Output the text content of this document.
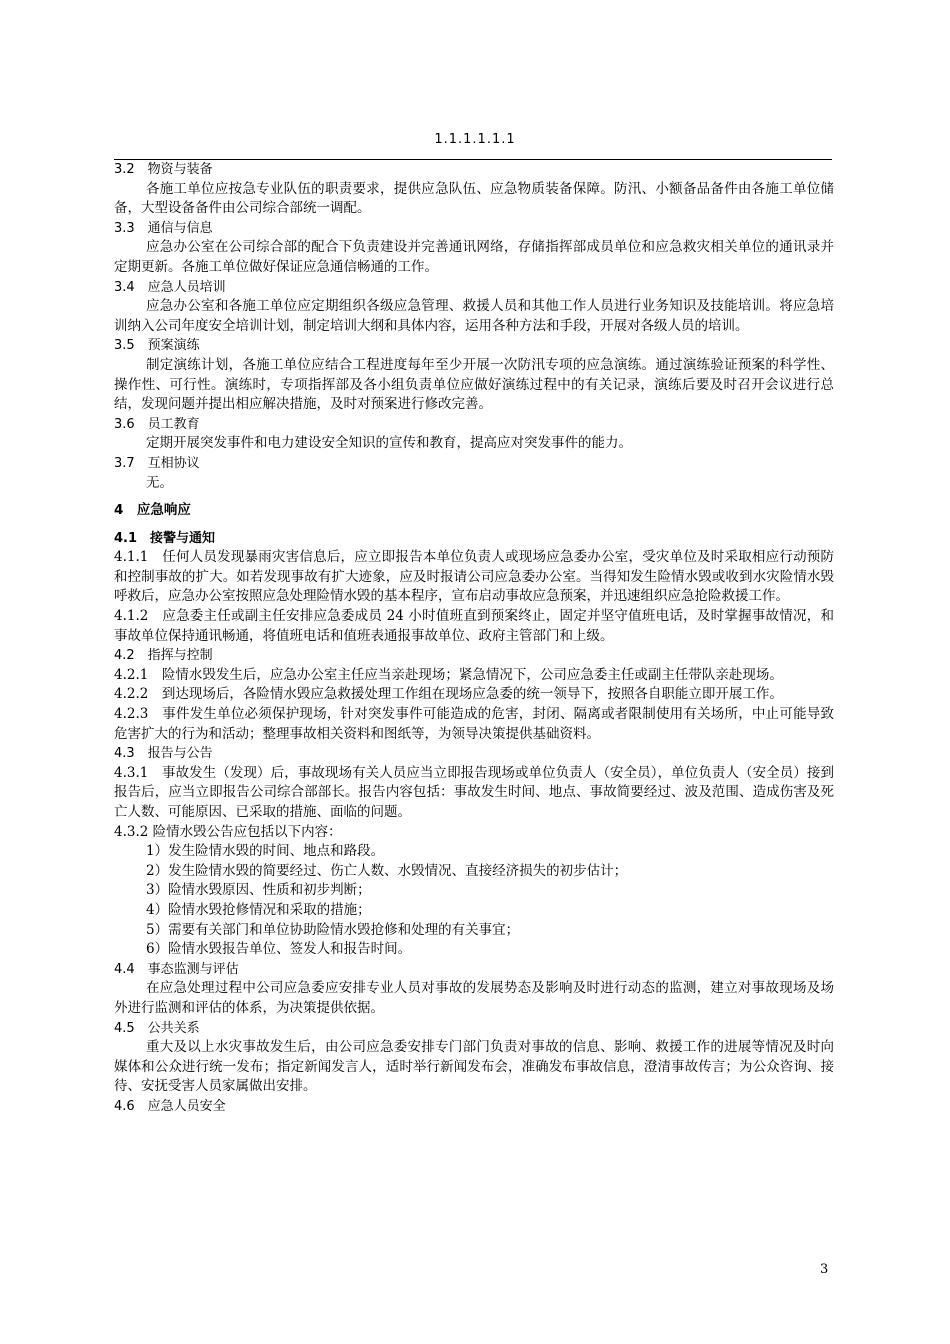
1.1.1.1.1.1

3.2　物资与装备

各施工单位应按急专业队伍的职责要求，提供应急队伍、应急物质装备保障。防汛、小额备品备件由各施工单位储备，大型设备备件由公司综合部统一调配。

3.3　通信与信息

应急办公室在公司综合部的配合下负责建设并完善通讯网络，存储指挥部成员单位和应急救灾相关单位的通讯录并定期更新。各施工单位做好保证应急通信畅通的工作。

3.4　应急人员培训

应急办公室和各施工单位应定期组织各级应急管理、救援人员和其他工作人员进行业务知识及技能培训。将应急培训纳入公司年度安全培训计划，制定培训大纲和具体内容，运用各种方法和手段，开展对各级人员的培训。

3.5　预案演练

制定演练计划，各施工单位应结合工程进度每年至少开展一次防汛专项的应急演练。通过演练验证预案的科学性、操作性、可行性。演练时，专项指挥部及各小组负责单位应做好演练过程中的有关记录，演练后要及时召开会议进行总结，发现问题并提出相应解决措施，及时对预案进行修改完善。

3.6　员工教育

定期开展突发事件和电力建设安全知识的宣传和教育，提高应对突发事件的能力。

3.7　互相协议

无。

4　应急响应

4.1　接警与通知

4.1.1　任何人员发现暴雨灾害信息后，应立即报告本单位负责人或现场应急委办公室，受灾单位及时采取相应行动预防和控制事故的扩大。如若发现事故有扩大迹象，应及时报请公司应急委办公室。当得知发生险情水毁或收到水灾险情水毁呼救后，应急办公室按照应急处理险情水毁的基本程序，宣布启动事故应急预案，并迅速组织应急抢险救援工作。

4.1.2　应急委主任或副主任安排应急委成员 24 小时值班直到预案终止，固定并坚守值班电话，及时掌握事故情况，和事故单位保持通讯畅通，将值班电话和值班表通报事故单位、政府主管部门和上级。

4.2　指挥与控制

4.2.1　险情水毁发生后，应急办公室主任应当亲赴现场；紧急情况下，公司应急委主任或副主任带队亲赴现场。

4.2.2　到达现场后，各险情水毁应急救援处理工作组在现场应急委的统一领导下，按照各自职能立即开展工作。

4.2.3　事件发生单位必须保护现场，针对突发事件可能造成的危害，封闭、隔离或者限制使用有关场所，中止可能导致危害扩大的行为和活动；整理事故相关资料和图纸等，为领导决策提供基础资料。

4.3　报告与公告

4.3.1　事故发生（发现）后，事故现场有关人员应当立即报告现场或单位负责人（安全员），单位负责人（安全员）接到报告后，应当立即报告公司综合部部长。报告内容包括：事故发生时间、地点、事故简要经过、波及范围、造成伤害及死亡人数、可能原因、已采取的措施、面临的问题。

4.3.2 险情水毁公告应包括以下内容：

1）发生险情水毁的时间、地点和路段。

2）发生险情水毁的简要经过、伤亡人数、水毁情况、直接经济损失的初步估计；

3）险情水毁原因、性质和初步判断；

4）险情水毁抢修情况和采取的措施；

5）需要有关部门和单位协助险情水毁抢修和处理的有关事宜；

6）险情水毁报告单位、签发人和报告时间。

4.4　事态监测与评估

在应急处理过程中公司应急委应安排专业人员对事故的发展势态及影响及时进行动态的监测，建立对事故现场及场外进行监测和评估的体系，为决策提供依据。

4.5　公共关系

重大及以上水灾事故发生后，由公司应急委安排专门部门负责对事故的信息、影响、救援工作的进展等情况及时向媒体和公众进行统一发布；指定新闻发言人，适时举行新闻发布会，准确发布事故信息，澄清事故传言；为公众咨询、接待、安抚受害人员家属做出安排。

4.6　应急人员安全

3
